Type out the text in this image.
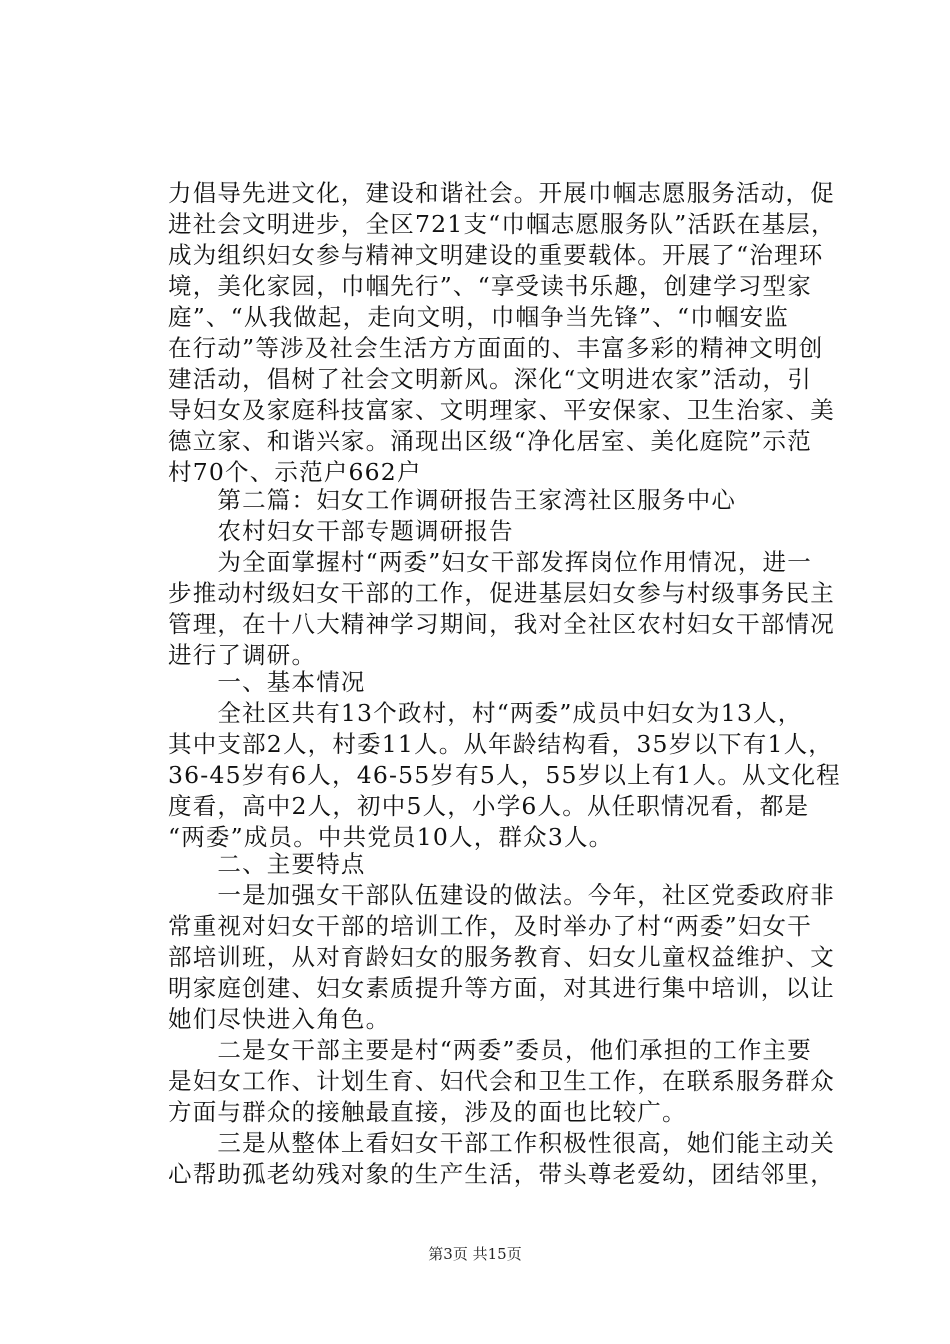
力倡导先进文化，建设和谐社会。开展巾帼志愿服务活动，促
进社会文明进步，全区721支“巾帼志愿服务队”活跃在基层，
成为组织妇女参与精神文明建设的重要载体。开展了“治理环
境，美化家园，巾帼先行”、“享受读书乐趣，创建学习型家
庭”、“从我做起，走向文明，巾帼争当先锋”、“巾帼安监
在行动”等涉及社会生活方方面面的、丰富多彩的精神文明创
建活动，倡树了社会文明新风。深化“文明进农家”活动，引
导妇女及家庭科技富家、文明理家、平安保家、卫生治家、美
德立家、和谐兴家。涌现出区级“净化居室、美化庭院”示范
村70个、示范户662户
　　第二篇：妇女工作调研报告王家湾社区服务中心
　　农村妇女干部专题调研报告
　　为全面掌握村“两委”妇女干部发挥岗位作用情况，进一
步推动村级妇女干部的工作，促进基层妇女参与村级事务民主
管理，在十八大精神学习期间，我对全社区农村妇女干部情况
进行了调研。
　　一、基本情况
　　全社区共有13个政村，村“两委”成员中妇女为13人，
其中支部2人，村委11人。从年龄结构看，35岁以下有1人，
36-45岁有6人，46-55岁有5人，55岁以上有1人。从文化程
度看，高中2人，初中5人，小学6人。从任职情况看，都是
“两委”成员。中共党员10人，群众3人。
　　二、主要特点
　　一是加强女干部队伍建设的做法。今年，社区党委政府非
常重视对妇女干部的培训工作，及时举办了村“两委”妇女干
部培训班，从对育龄妇女的服务教育、妇女儿童权益维护、文
明家庭创建、妇女素质提升等方面，对其进行集中培训，以让
她们尽快进入角色。
　　二是女干部主要是村“两委”委员，他们承担的工作主要
是妇女工作、计划生育、妇代会和卫生工作，在联系服务群众
方面与群众的接触最直接，涉及的面也比较广。
　　三是从整体上看妇女干部工作积极性很高，她们能主动关
心帮助孤老幼残对象的生产生活，带头尊老爱幼，团结邻里，
第3页 共15页
